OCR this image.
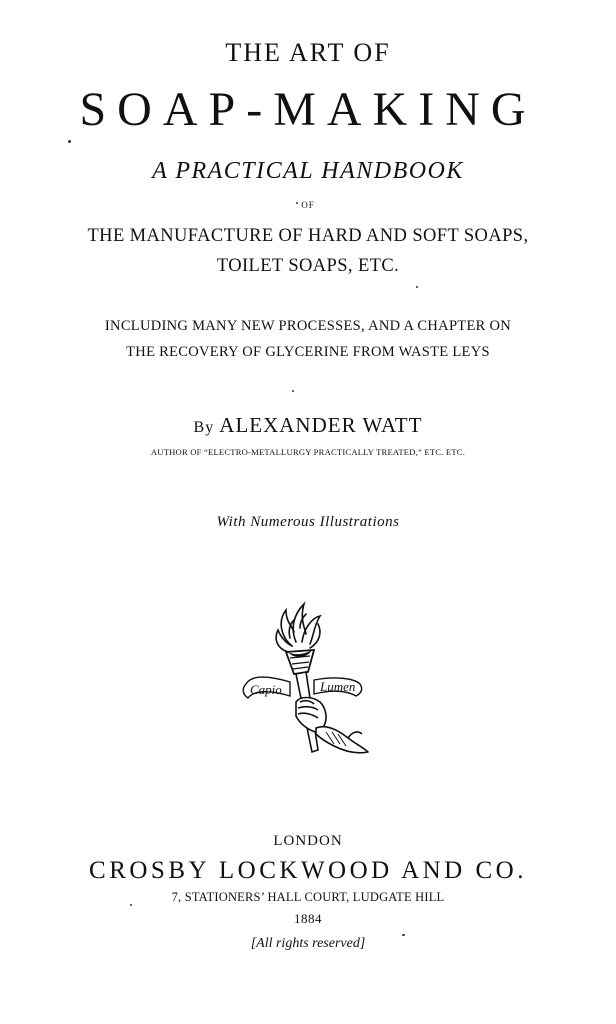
THE ART OF
SOAP-MAKING
A PRACTICAL HANDBOOK
OF
THE MANUFACTURE OF HARD AND SOFT SOAPS,
TOILET SOAPS, ETC.
INCLUDING MANY NEW PROCESSES, AND A CHAPTER ON
THE RECOVERY OF GLYCERINE FROM WASTE LEYS
By ALEXANDER WATT
AUTHOR OF “ELECTRO-METALLURGY PRACTICALLY TREATED,” ETC. ETC.
With Numerous Illustrations
Capio	Lumen
LONDON
CROSBY LOCKWOOD AND CO.
7, STATIONERS’ HALL COURT, LUDGATE HILL
1884
[All rights reserved]
